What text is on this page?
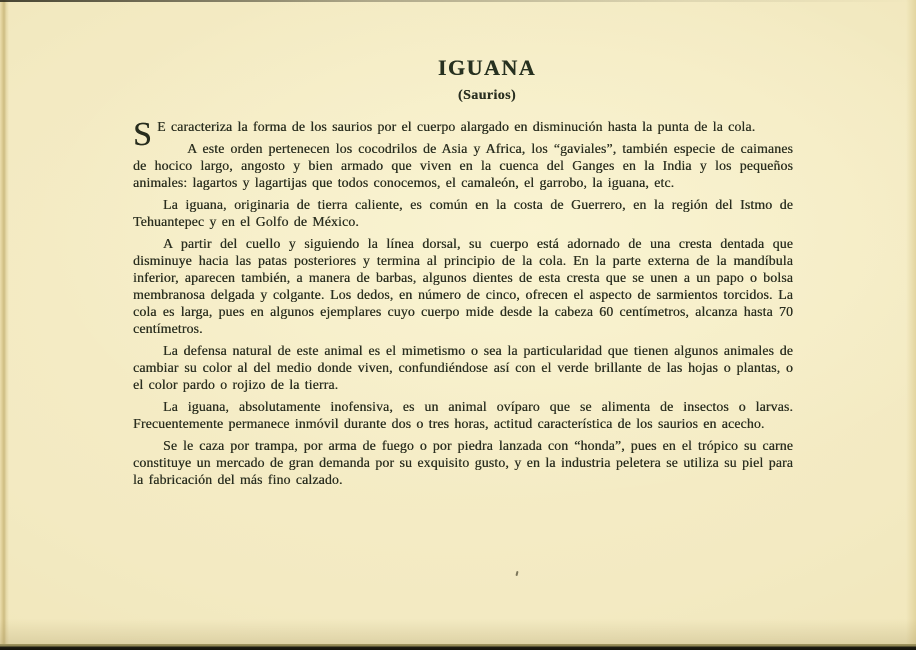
IGUANA
(Saurios)

S E caracteriza la forma de los saurios por el cuerpo alargado en disminución hasta la punta de la cola.

A este orden pertenecen los cocodrilos de Asia y Africa, los “gaviales”, también especie de caimanes de hocico largo, angosto y bien armado que viven en la cuenca del Ganges en la India y los pequeños animales: lagartos y lagartijas que todos conocemos, el camaleón, el garrobo, la iguana, etc.

La iguana, originaria de tierra caliente, es común en la costa de Guerrero, en la región del Istmo de Tehuantepec y en el Golfo de México.

A partir del cuello y siguiendo la línea dorsal, su cuerpo está adornado de una cresta dentada que disminuye hacia las patas posteriores y termina al principio de la cola. En la parte externa de la mandíbula inferior, aparecen también, a manera de barbas, algunos dientes de esta cresta que se unen a un papo o bolsa membranosa delgada y colgante. Los dedos, en número de cinco, ofrecen el aspecto de sarmientos torcidos. La cola es larga, pues en algunos ejemplares cuyo cuerpo mide desde la cabeza 60 centímetros, alcanza hasta 70 centímetros.

La defensa natural de este animal es el mimetismo o sea la particularidad que tienen algunos animales de cambiar su color al del medio donde viven, confundiéndose así con el verde brillante de las hojas o plantas, o el color pardo o rojizo de la tierra.

La iguana, absolutamente inofensiva, es un animal ovíparo que se alimenta de insectos o larvas. Frecuentemente permanece inmóvil durante dos o tres horas, actitud característica de los saurios en acecho.

Se le caza por trampa, por arma de fuego o por piedra lanzada con “honda”, pues en el trópico su carne constituye un mercado de gran demanda por su exquisito gusto, y en la industria peletera se utiliza su piel para la fabricación del más fino calzado.
